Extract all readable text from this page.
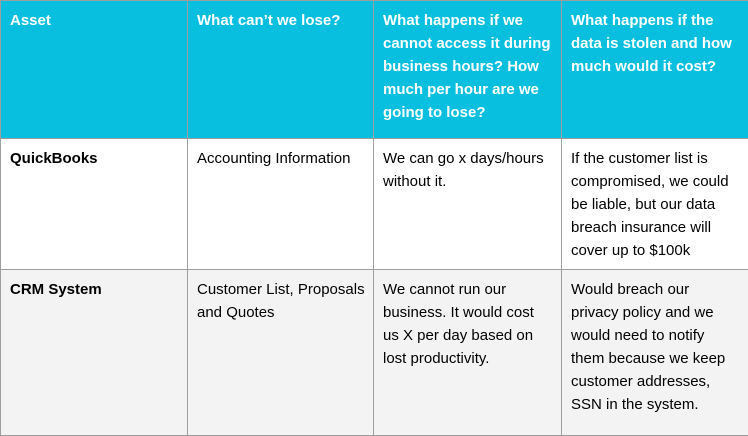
Asset	What can’t we lose?	What happens if we cannot access it during business hours? How much per hour are we going to lose?	What happens if the data is stolen and how much would it cost?
QuickBooks	Accounting Information	We can go x days/hours without it.	If the customer list is compromised, we could be liable, but our data breach insurance will cover up to $100k
CRM System	Customer List, Proposals and Quotes	We cannot run our business. It would cost us X per day based on lost productivity.	Would breach our privacy policy and we would need to notify them because we keep customer addresses, SSN in the system.
